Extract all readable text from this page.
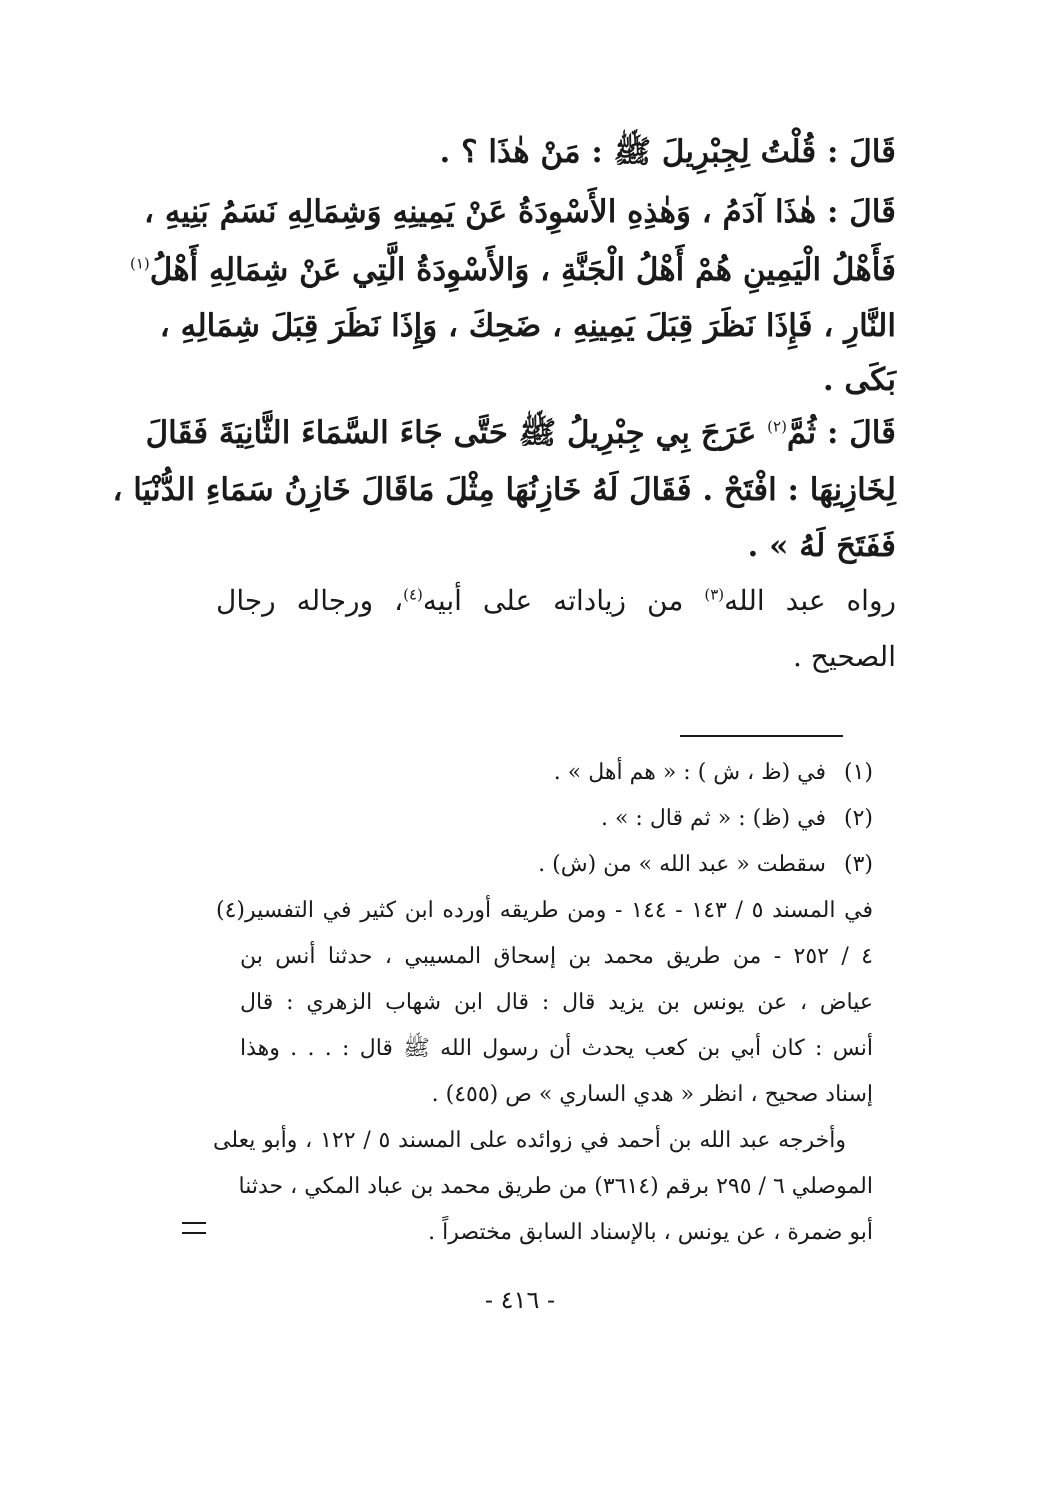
قَالَ : قُلْتُ لِجِبْرِيلَ ﷺ : مَنْ هٰذَا ؟ .
قَالَ : هٰذَا آدَمُ ، وَهٰذِهِ الأَسْوِدَةُ عَنْ يَمِينِهِ وَشِمَالِهِ نَسَمُ بَنِيهِ ،
فَأَهْلُ الْيَمِينِ هُمْ أَهْلُ الْجَنَّةِ ، وَالأَسْوِدَةُ الَّتِي عَنْ شِمَالِهِ أَهْلُ$^{(١)}$
النَّارِ ، فَإِذَا نَظَرَ قِبَلَ يَمِينِهِ ، ضَحِكَ ، وَإِذَا نَظَرَ قِبَلَ شِمَالِهِ ،
بَكَى .
قَالَ : ثُمَّ$^{(٢)}$ عَرَجَ بِي جِبْرِيلُ ﷺ حَتَّى جَاءَ السَّمَاءَ الثَّانِيَةَ فَقَالَ
لِخَازِنِهَا : افْتَحْ . فَقَالَ لَهُ خَازِنُهَا مِثْلَ مَاقَالَ خَازِنُ سَمَاءِ الدُّنْيَا ،
فَفَتَحَ لَهُ » .
رواه عبد الله$^{(٣)}$ من زياداته على أبيه$^{(٤)}$، ورجاله رجال
الصحيح .
(١)في (ظ ، ش ) : « هم أهل » .
(٢)في (ظ) : « ثم قال : » .
(٣)سقطت « عبد الله » من (ش) .
(٤) في المسند ٥ / ١٤٣ - ١٤٤ - ومن طريقه أورده ابن كثير في التفسير
٤ / ٢٥٢ - من طريق محمد بن إسحاق المسيبي ، حدثنا أنس بن
عياض ، عن يونس بن يزيد قال : قال ابن شهاب الزهري : قال
أنس : كان أبي بن كعب يحدث أن رسول الله ﷺ قال : . . . وهذا
إسناد صحيح ، انظر « هدي الساري » ص (٤٥٥) .
وأخرجه عبد الله بن أحمد في زوائده على المسند ٥ / ١٢٢ ، وأبو يعلى
الموصلي ٦ / ٢٩٥ برقم (٣٦١٤) من طريق محمد بن عباد المكي ، حدثنا
أبو ضمرة ، عن يونس ، بالإسناد السابق مختصراً .
- ٤١٦ -
